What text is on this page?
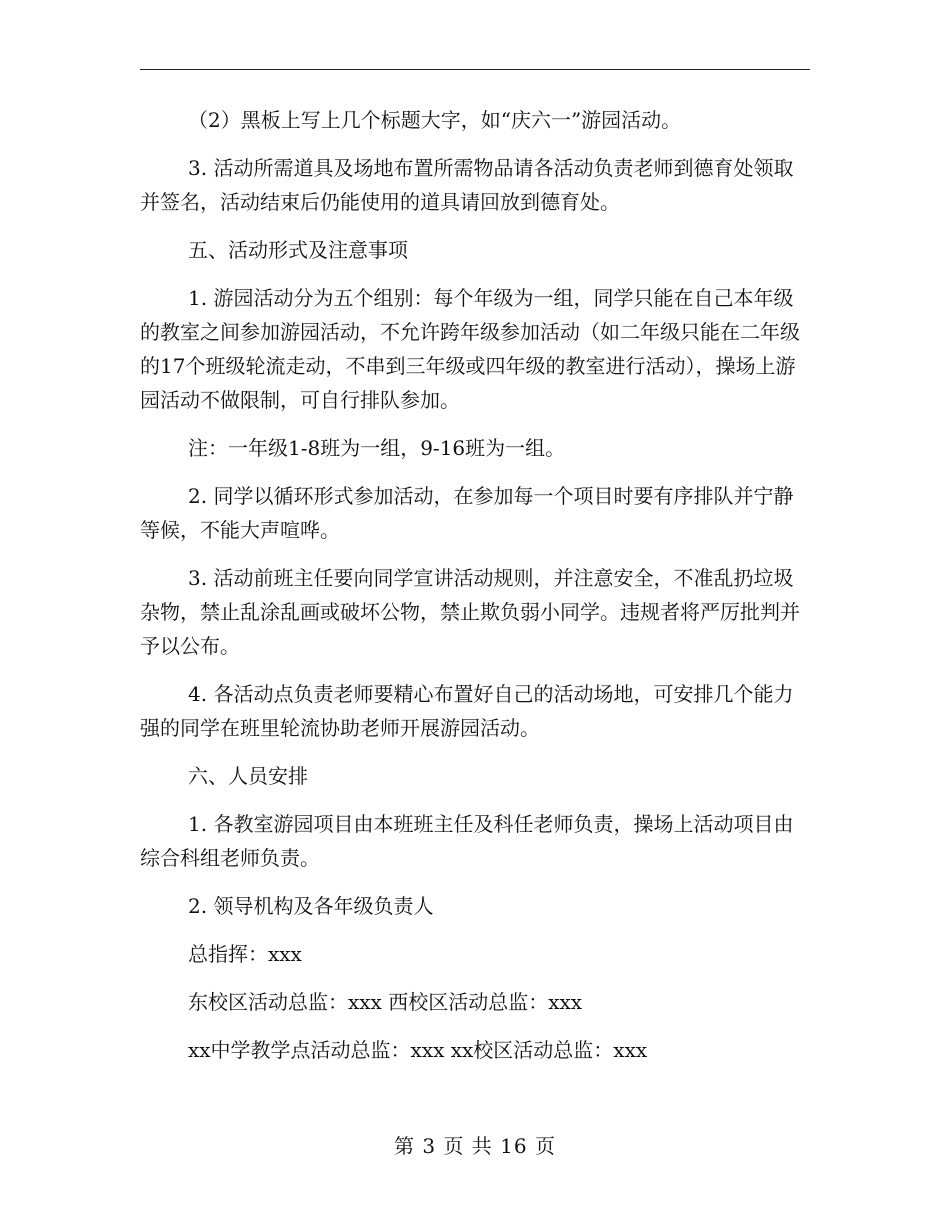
（2）黑板上写上几个标题大字，如“庆六一”游园活动。

3. 活动所需道具及场地布置所需物品请各活动负责老师到德育处领取并签名，活动结束后仍能使用的道具请回放到德育处。

五、活动形式及注意事项

1. 游园活动分为五个组别：每个年级为一组，同学只能在自己本年级的教室之间参加游园活动，不允许跨年级参加活动（如二年级只能在二年级的17个班级轮流走动，不串到三年级或四年级的教室进行活动），操场上游园活动不做限制，可自行排队参加。

注：一年级1-8班为一组，9-16班为一组。

2. 同学以循环形式参加活动，在参加每一个项目时要有序排队并宁静等候，不能大声喧哗。

3. 活动前班主任要向同学宣讲活动规则，并注意安全，不准乱扔垃圾杂物，禁止乱涂乱画或破坏公物，禁止欺负弱小同学。违规者将严厉批判并予以公布。

4. 各活动点负责老师要精心布置好自己的活动场地，可安排几个能力强的同学在班里轮流协助老师开展游园活动。

六、人员安排

1. 各教室游园项目由本班班主任及科任老师负责，操场上活动项目由综合科组老师负责。

2. 领导机构及各年级负责人

总指挥：xxx

东校区活动总监：xxx 西校区活动总监：xxx

xx中学教学点活动总监：xxx xx校区活动总监：xxx

第 3 页 共 16 页
